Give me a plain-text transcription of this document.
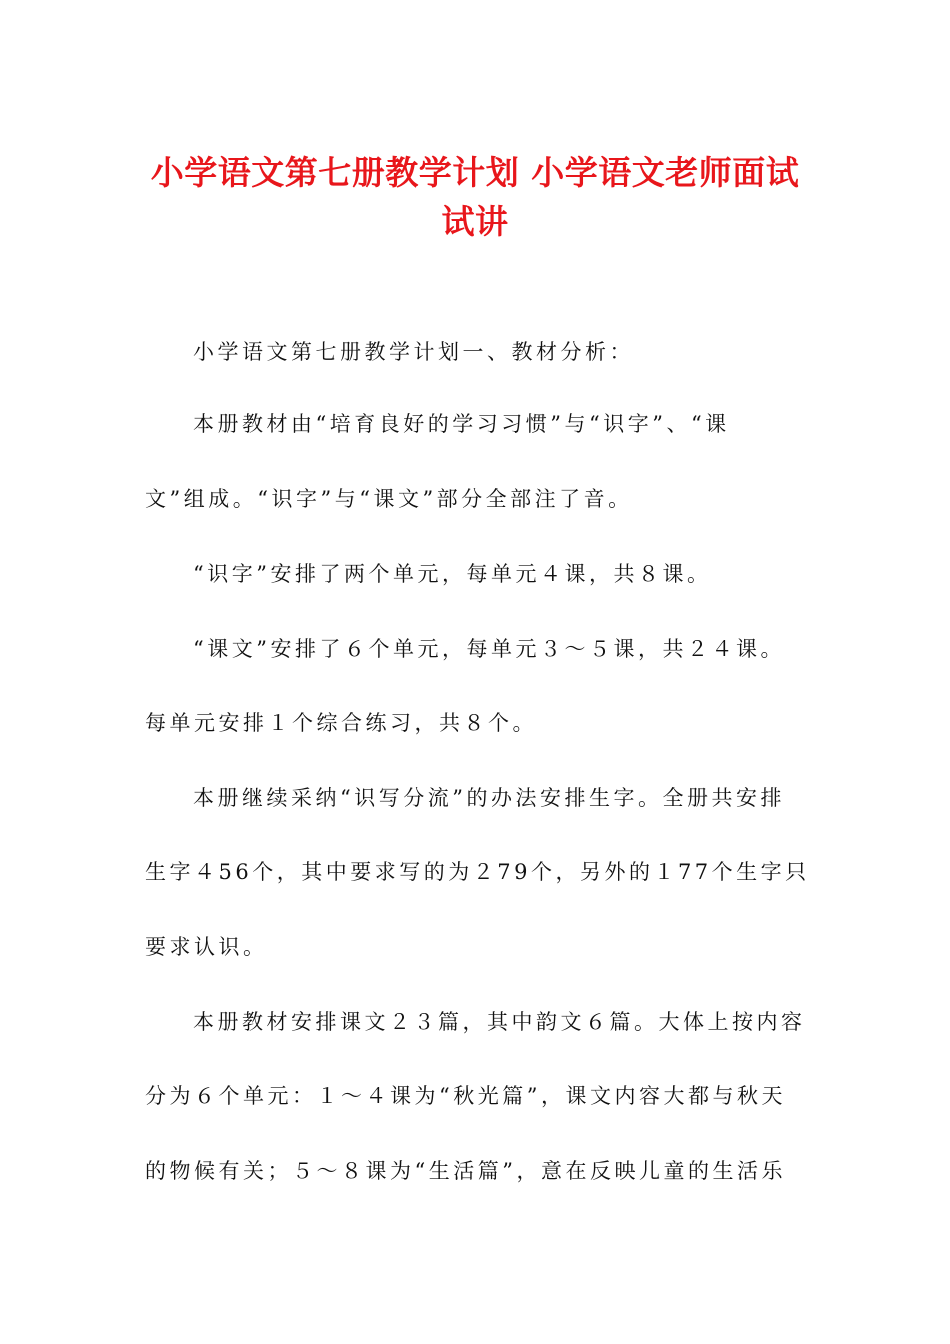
小学语文第七册教学计划 小学语文老师面试
试讲
小学语文第七册教学计划一、教材分析：
本册教材由“培育良好的学习习惯”与“识字”、“课
文”组成。“识字”与“课文”部分全部注了音。
“识字”安排了两个单元，每单元４课，共８课。
“课文”安排了６个单元，每单元３～５课，共２４课。
每单元安排１个综合练习，共８个。
本册继续采纳“识写分流”的办法安排生字。全册共安排
生字４56个，其中要求写的为２79个，另外的１77个生字只
要求认识。
本册教材安排课文２３篇，其中韵文６篇。大体上按内容
分为６个单元：１～４课为“秋光篇”，课文内容大都与秋天
的物候有关；５～８课为“生活篇”，意在反映儿童的生活乐
